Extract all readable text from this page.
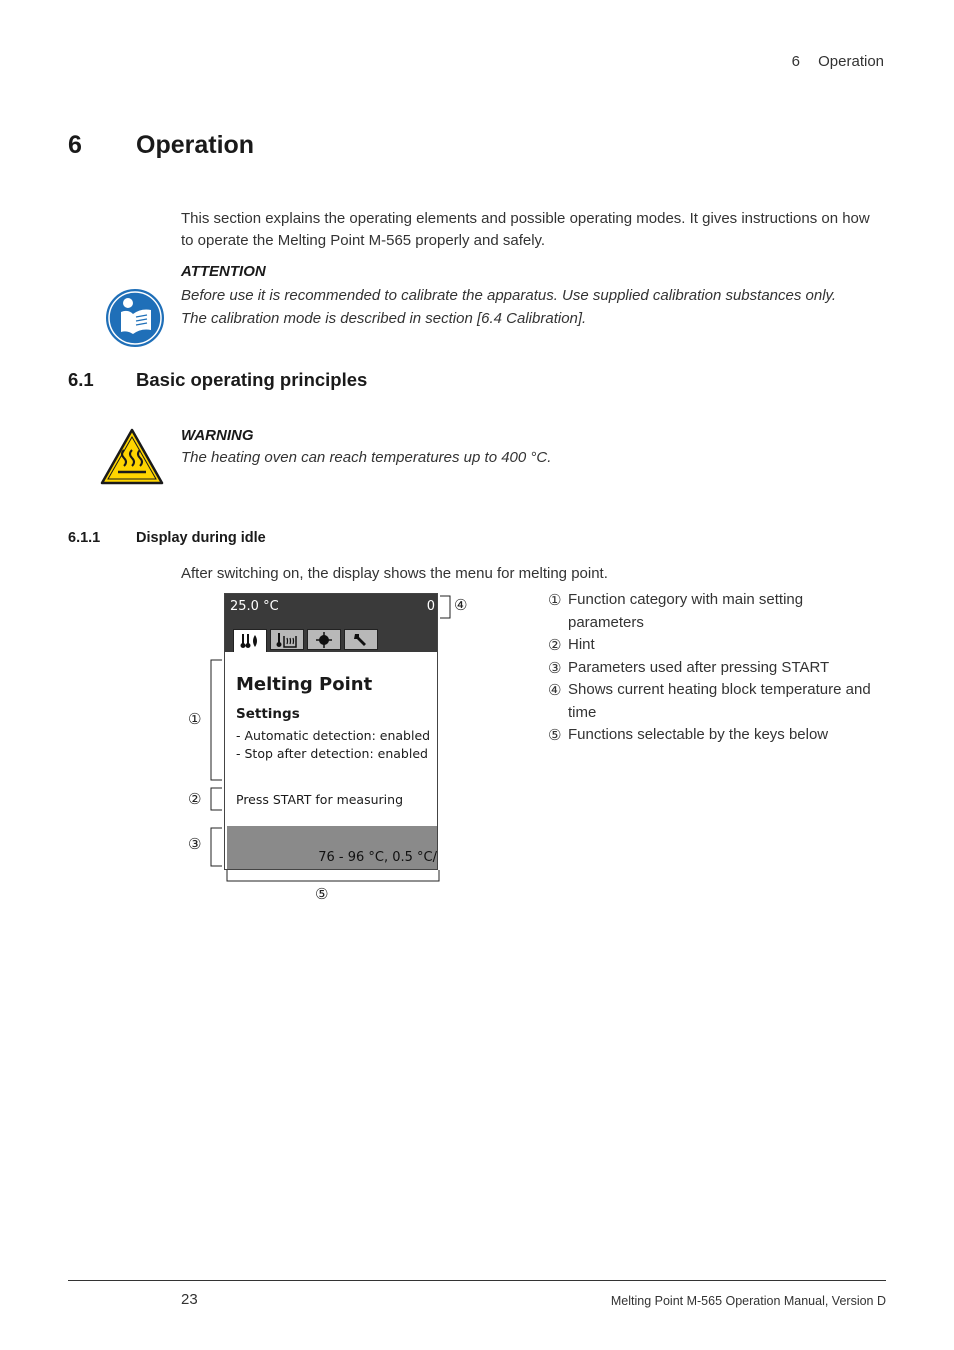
6 Operation
6 Operation
This section explains the operating elements and possible operating modes. It gives instructions on how to operate the Melting Point M-565 properly and safely.
ATTENTION
Before use it is recommended to calibrate the apparatus. Use supplied calibration substances only.
The calibration mode is described in section [6.4 Calibration].
6.1 Basic operating principles
WARNING
The heating oven can reach temperatures up to 400 °C.
6.1.1 Display during idle
After switching on, the display shows the menu for melting point.
25.0 °C	0
Melting Point
Settings
- Automatic detection: enabled
- Stop after detection: enabled
Press START for measuring
76 - 96 °C, 0.5 °C/
①
②
③
④
⑤
① Function category with main setting parameters
② Hint
③ Parameters used after pressing START
④ Shows current heating block temperature and time
⑤ Functions selectable by the keys below
23	Melting Point M-565 Operation Manual, Version D
